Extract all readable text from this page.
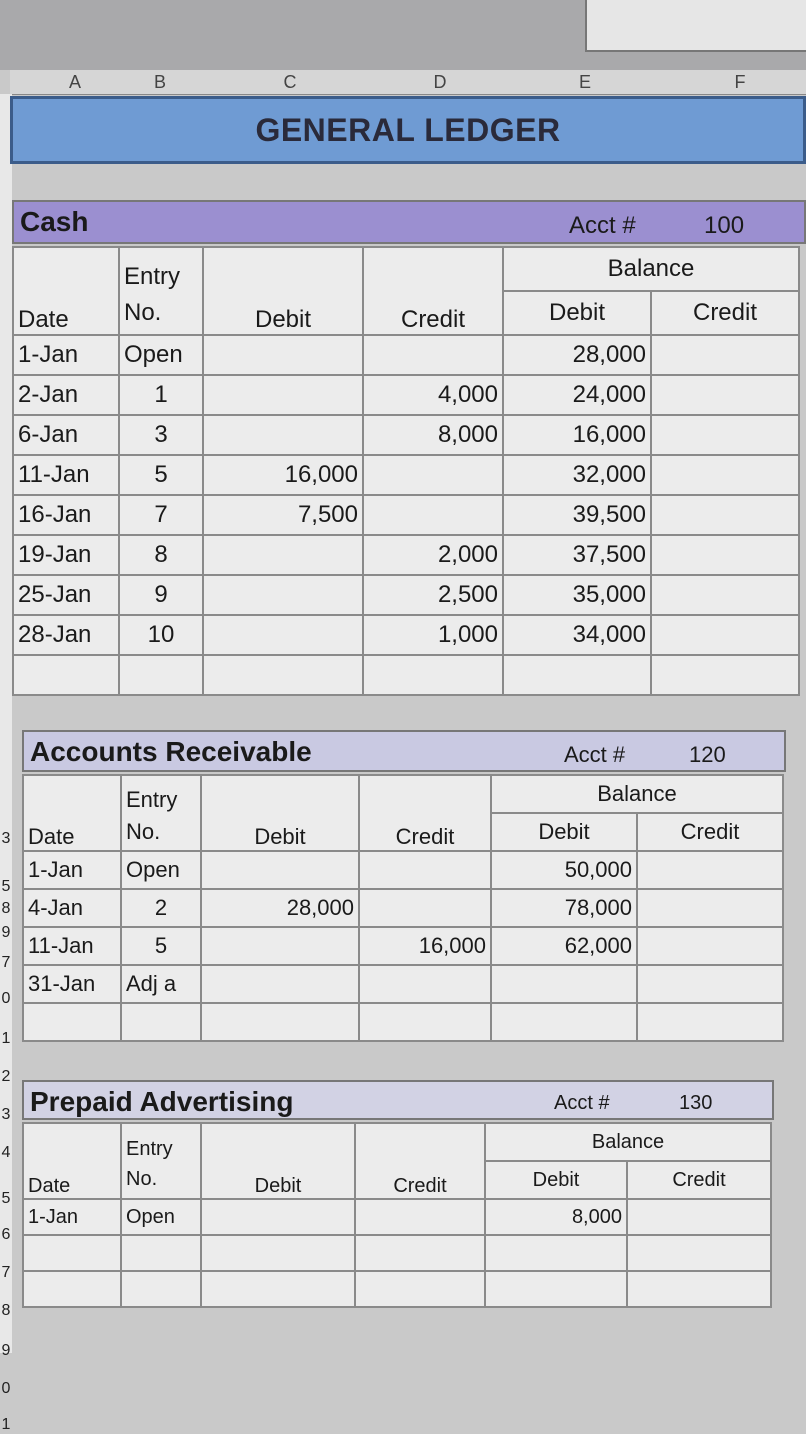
A	B	C	D	E	F
3
5
7
8
9
0
1
2
3
4
5
6
7
8
9
0
1
GENERAL LEDGER
Cash	Acct #	100
Date	Entry	Debit	Credit	Balance	
	No.			Debit	Credit
1-Jan	Open			28,000	
2-Jan	1		4,000	24,000	
6-Jan	3		8,000	16,000	
11-Jan	5	16,000		32,000	
16-Jan	7	7,500		39,500	
19-Jan	8		2,000	37,500	
25-Jan	9		2,500	35,000	
28-Jan	10		1,000	34,000	

Accounts Receivable	Acct #	120
Date	Entry	Debit	Credit	Balance	
	No.			Debit	Credit
1-Jan	Open			50,000	
4-Jan	2	28,000		78,000	
11-Jan	5		16,000	62,000	
31-Jan	Adj a				

Prepaid Advertising	Acct #	130
Date	Entry	Debit	Credit	Balance	
	No.			Debit	Credit
1-Jan	Open			8,000	
